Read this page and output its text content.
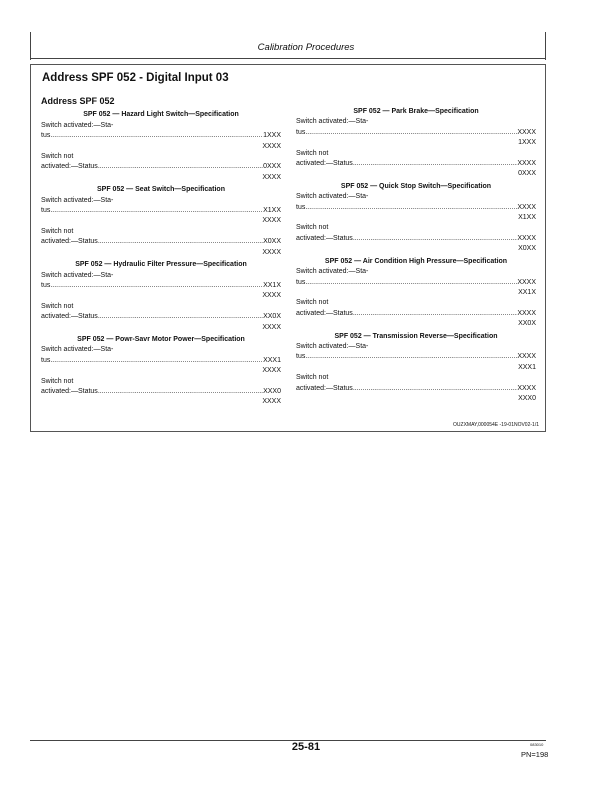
Calibration Procedures
Address SPF 052 - Digital Input 03
Address SPF 052
SPF 052 — Hazard Light Switch—Specification
Switch activated:—Sta-
tus .....	1XXX
XXXX
Switch not
activated:—Status .....	0XXX
XXXX
SPF 052 — Seat Switch—Specification
Switch activated:—Sta-
tus .....	X1XX
XXXX
Switch not
activated:—Status .....	X0XX
XXXX
SPF 052 — Hydraulic Filter Pressure—Specification
Switch activated:—Sta-
tus .....	XX1X
XXXX
Switch not
activated:—Status .....	XX0X
XXXX
SPF 052 — Powr-Savr Motor Power—Specification
Switch activated:—Sta-
tus .....	XXX1
XXXX
Switch not
activated:—Status .....	XXX0
XXXX
SPF 052 — Park Brake—Specification
Switch activated:—Sta-
tus .....	XXXX
1XXX
Switch not
activated:—Status .....	XXXX
0XXX
SPF 052 — Quick Stop Switch—Specification
Switch activated:—Sta-
tus .....	XXXX
X1XX
Switch not
activated:—Status .....	XXXX
X0XX
SPF 052 — Air Condition High Pressure—Specification
Switch activated:—Sta-
tus .....	XXXX
XX1X
Switch not
activated:—Status .....	XXXX
XX0X
SPF 052 — Transmission Reverse—Specification
Switch activated:—Sta-
tus .....	XXXX
XXX1
Switch not
activated:—Status .....	XXXX
XXX0
OUZXMAY,000054E -19-01NOV02-1/1
25-81	083010
PN=198
